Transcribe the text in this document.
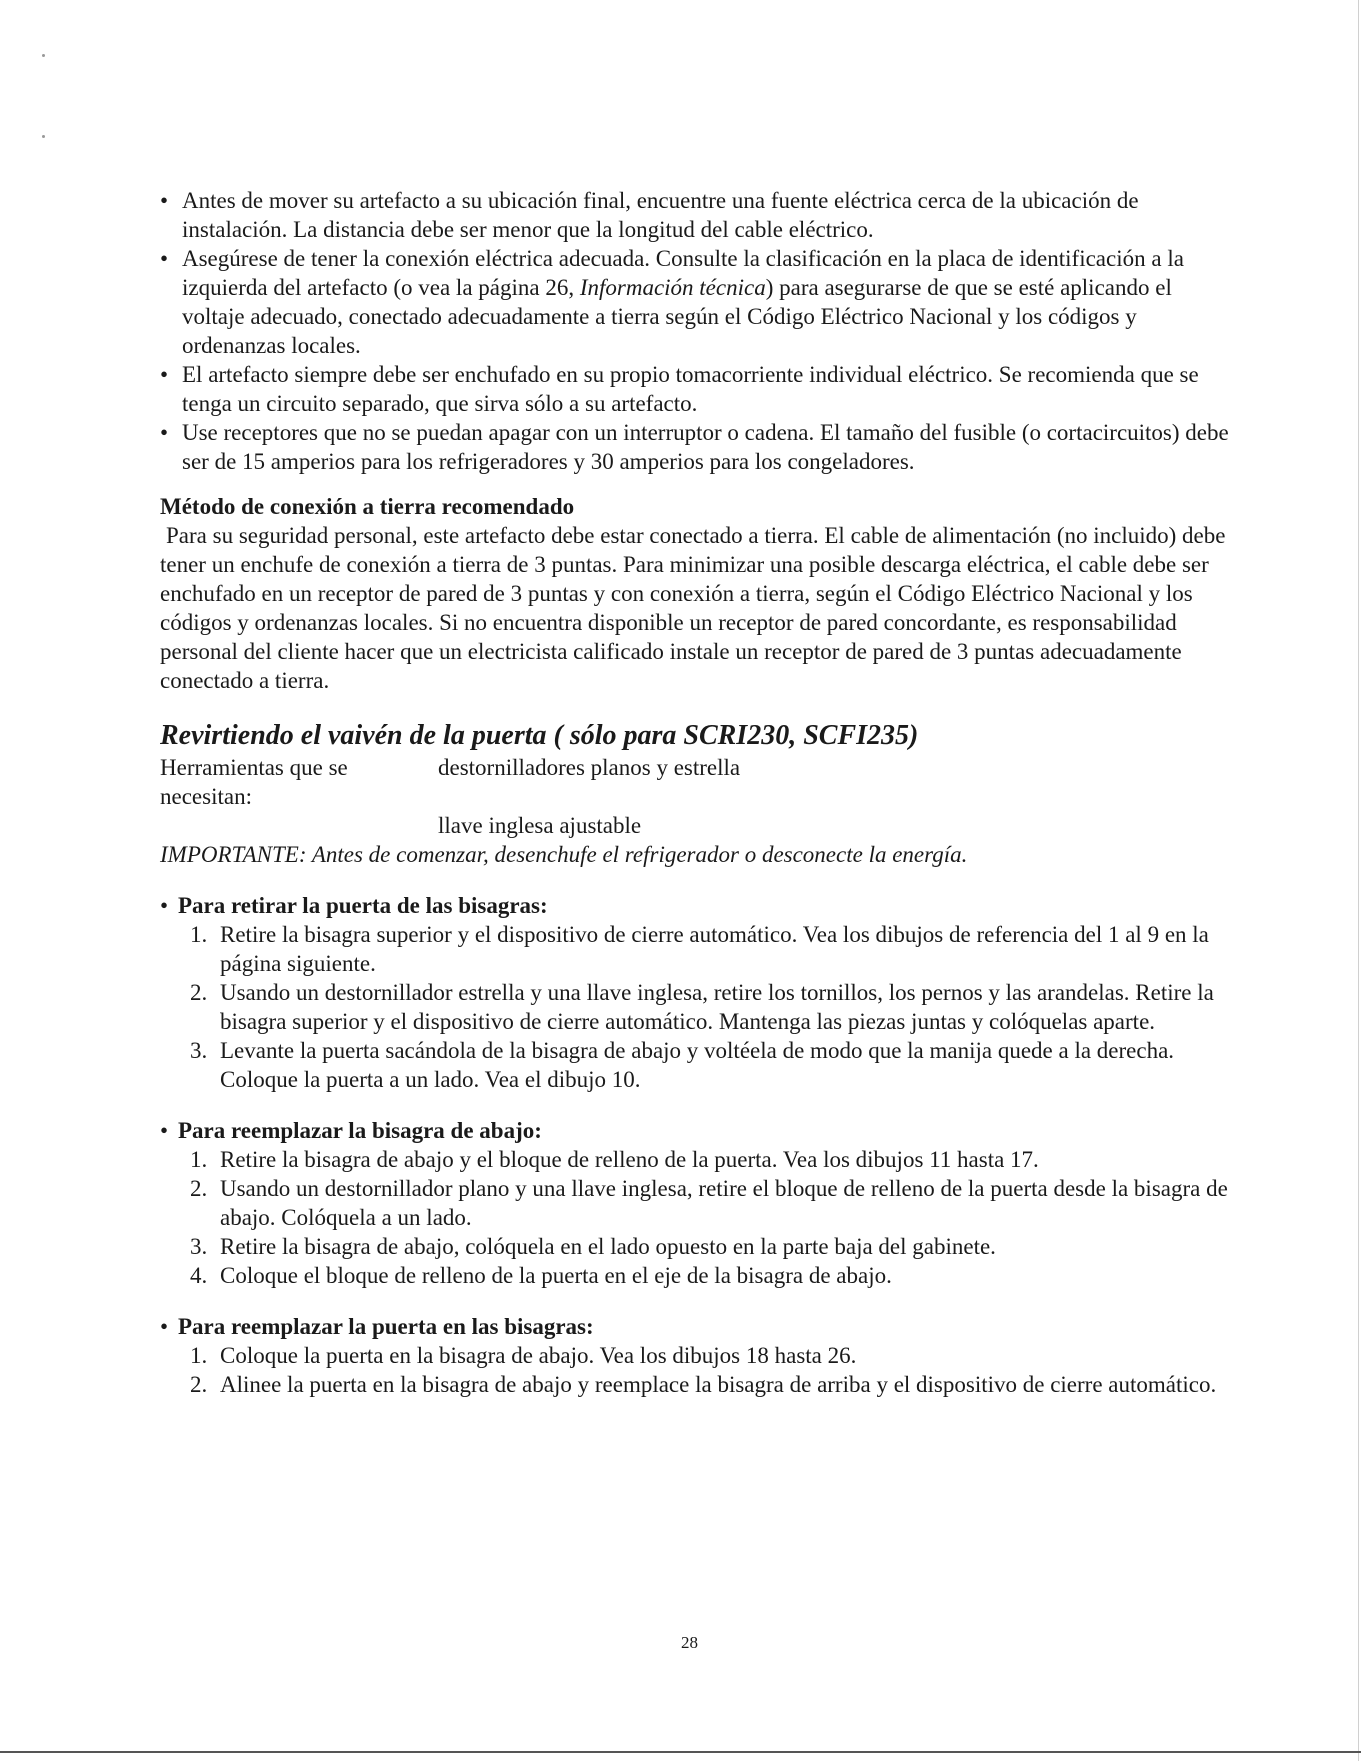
• Antes de mover su artefacto a su ubicación final, encuentre una fuente eléctrica cerca de la ubicación de instalación. La distancia debe ser menor que la longitud del cable eléctrico.
• Asegúrese de tener la conexión eléctrica adecuada. Consulte la clasificación en la placa de identificación a la izquierda del artefacto (o vea la página 26, Información técnica) para asegurarse de que se esté aplicando el voltaje adecuado, conectado adecuadamente a tierra según el Código Eléctrico Nacional y los códigos y ordenanzas locales.
• El artefacto siempre debe ser enchufado en su propio tomacorriente individual eléctrico. Se recomienda que se tenga un circuito separado, que sirva sólo a su artefacto.
• Use receptores que no se puedan apagar con un interruptor o cadena. El tamaño del fusible (o cortacircuitos) debe ser de 15 amperios para los refrigeradores y 30 amperios para los congeladores.
Método de conexión a tierra recomendado
Para su seguridad personal, este artefacto debe estar conectado a tierra. El cable de alimentación (no incluido) debe tener un enchufe de conexión a tierra de 3 puntas. Para minimizar una posible descarga eléctrica, el cable debe ser enchufado en un receptor de pared de 3 puntas y con conexión a tierra, según el Código Eléctrico Nacional y los códigos y ordenanzas locales. Si no encuentra disponible un receptor de pared concordante, es responsabilidad personal del cliente hacer que un electricista calificado instale un receptor de pared de 3 puntas adecuadamente conectado a tierra.
Revirtiendo el vaivén de la puerta ( sólo para SCRI230, SCFI235)
Herramientas que se necesitan:
destornilladores planos y estrella
llave inglesa ajustable
IMPORTANTE: Antes de comenzar, desenchufe el refrigerador o desconecte la energía.
• Para retirar la puerta de las bisagras:
1. Retire la bisagra superior y el dispositivo de cierre automático. Vea los dibujos de referencia del 1 al 9 en la página siguiente.
2. Usando un destornillador estrella y una llave inglesa, retire los tornillos, los pernos y las arandelas. Retire la bisagra superior y el dispositivo de cierre automático. Mantenga las piezas juntas y colóquelas aparte.
3. Levante la puerta sacándola de la bisagra de abajo y voltéela de modo que la manija quede a la derecha. Coloque la puerta a un lado. Vea el dibujo 10.
• Para reemplazar la bisagra de abajo:
1. Retire la bisagra de abajo y el bloque de relleno de la puerta. Vea los dibujos 11 hasta 17.
2. Usando un destornillador plano y una llave inglesa, retire el bloque de relleno de la puerta desde la bisagra de abajo. Colóquela a un lado.
3. Retire la bisagra de abajo, colóquela en el lado opuesto en la parte baja del gabinete.
4. Coloque el bloque de relleno de la puerta en el eje de la bisagra de abajo.
• Para reemplazar la puerta en las bisagras:
1. Coloque la puerta en la bisagra de abajo. Vea los dibujos 18 hasta 26.
2. Alinee la puerta en la bisagra de abajo y reemplace la bisagra de arriba y el dispositivo de cierre automático.
28
